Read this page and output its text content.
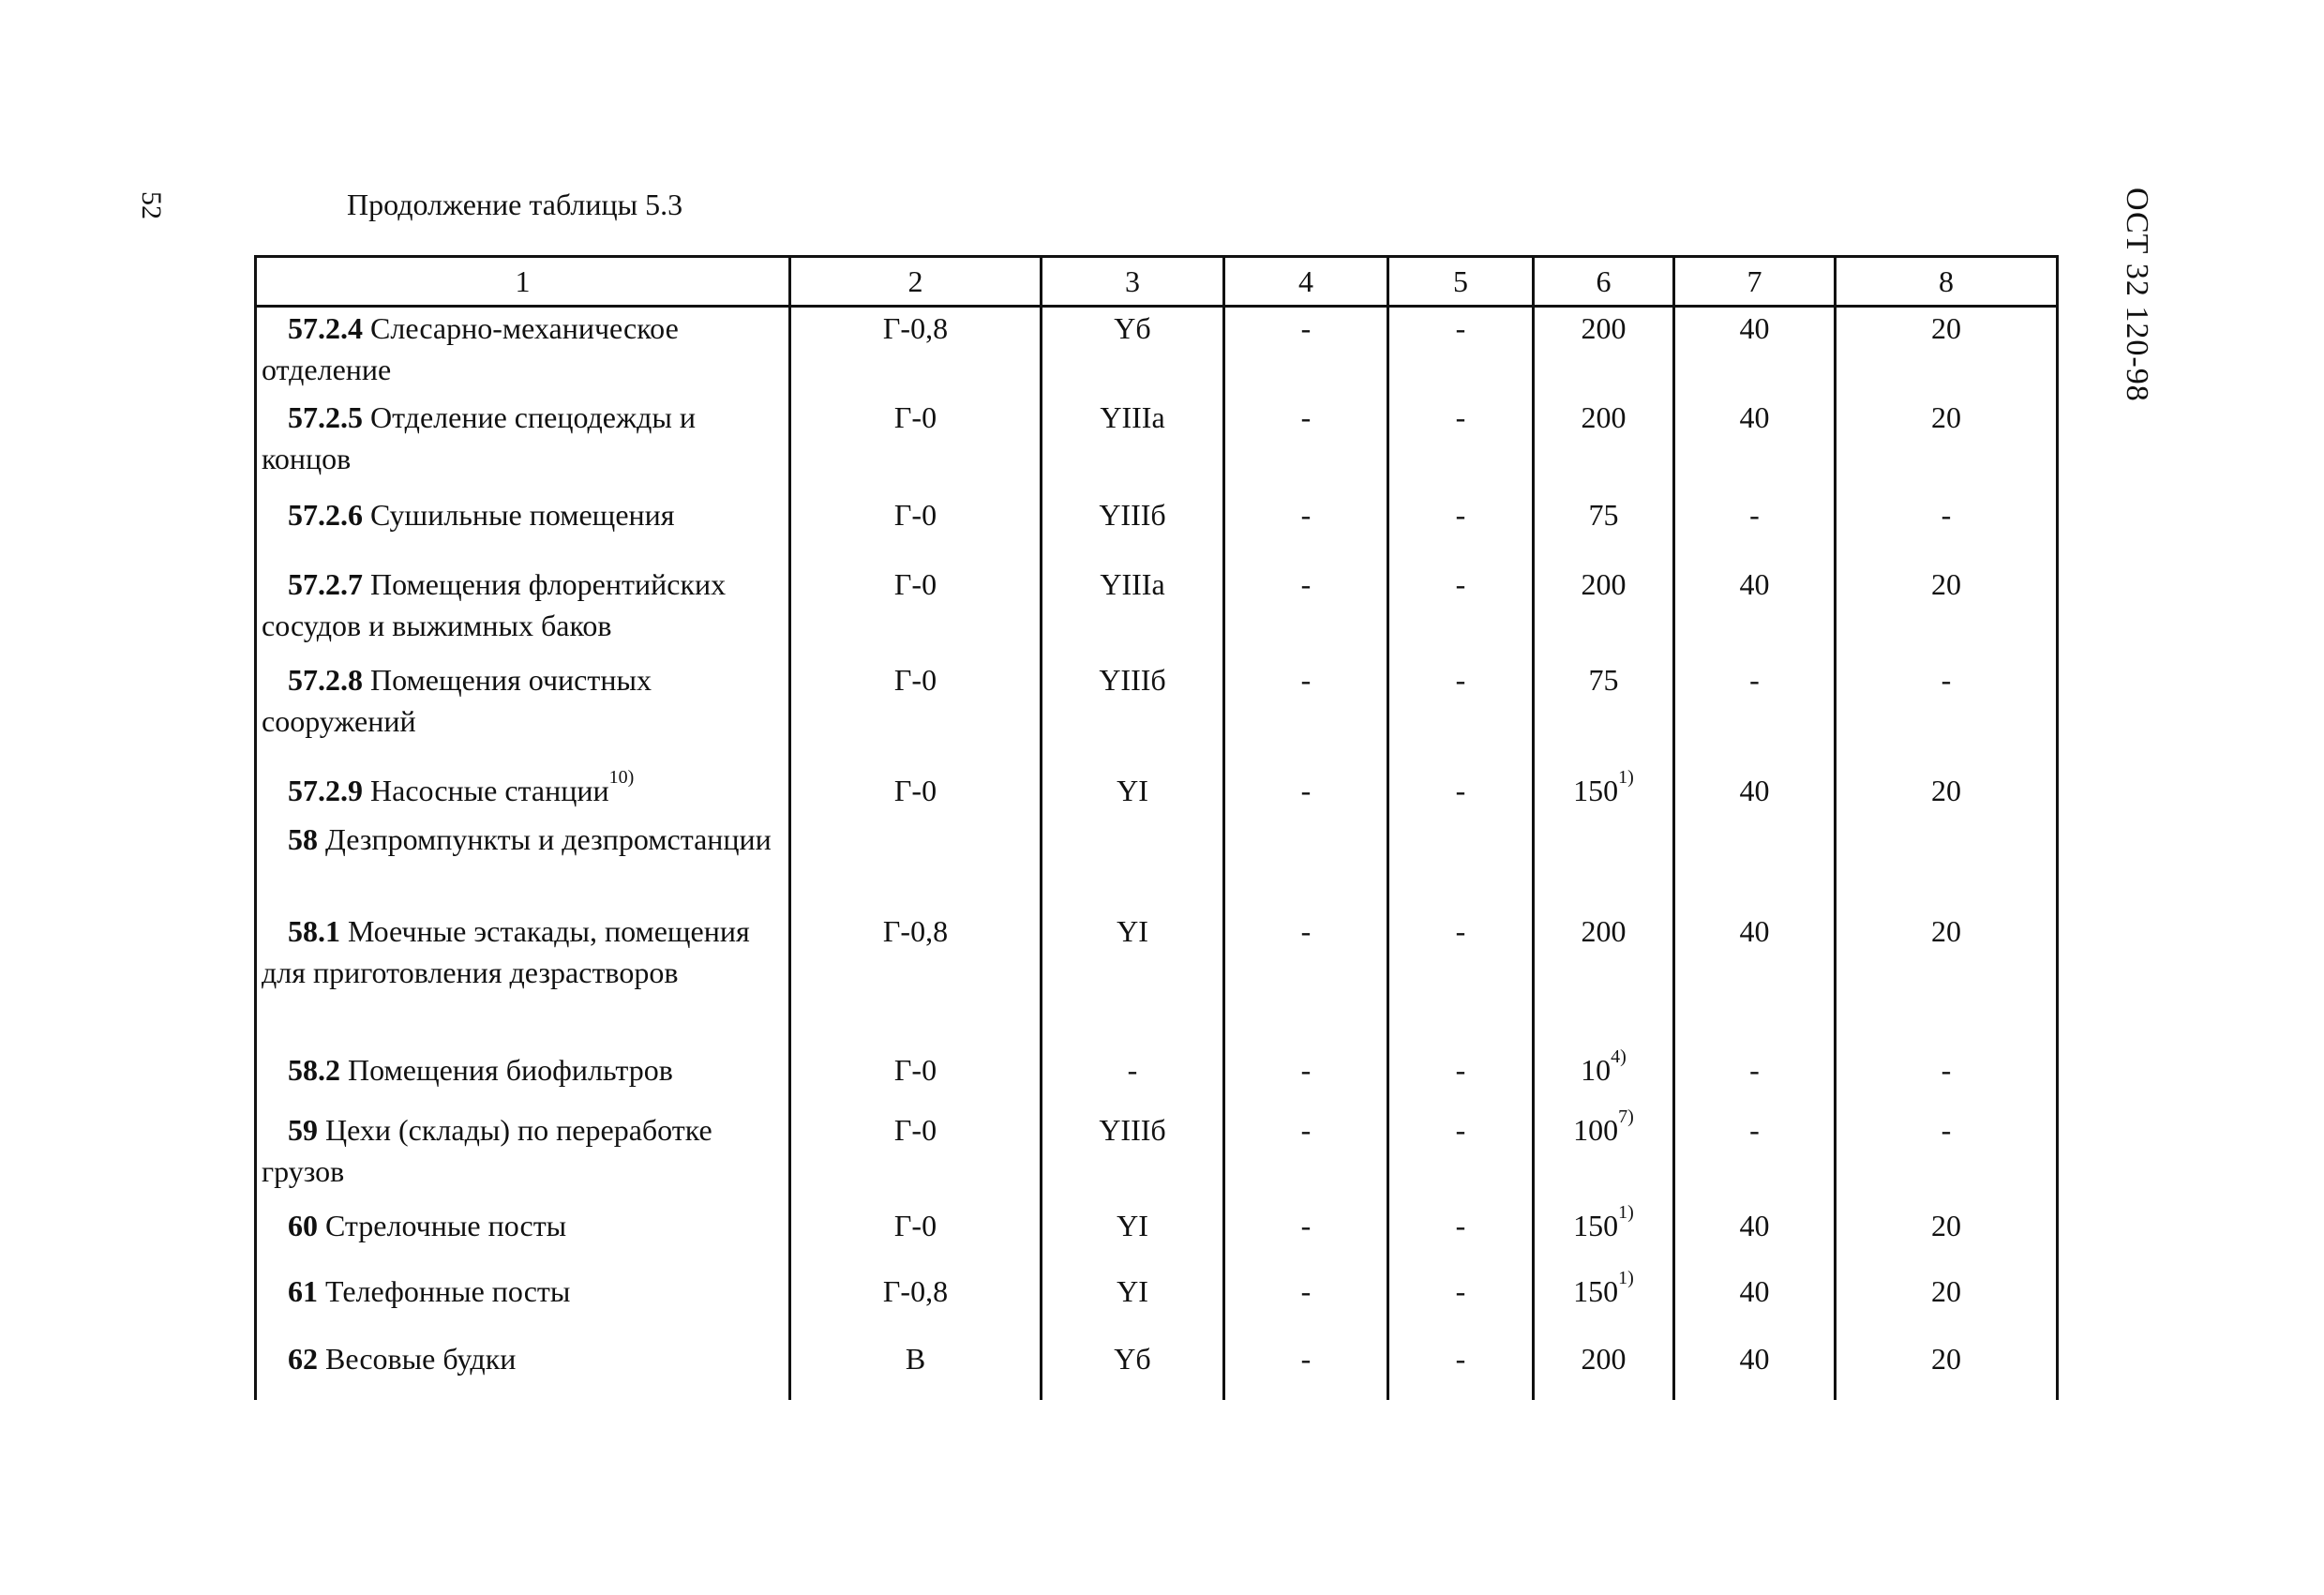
52	ОСТ 32 120-98
Продолжение таблицы 5.3
1	2	3	4	5	6	7	8
57.2.4 Слесарно-механическое отделение	Г-0,8	Yб	-	-	200	40	20
57.2.5 Отделение спецодежды и концов	Г-0	YIIIa	-	-	200	40	20
57.2.6 Сушильные помещения	Г-0	YIIIб	-	-	75	-	-
57.2.7 Помещения флорентийских сосудов и выжимных баков	Г-0	YIIIa	-	-	200	40	20
57.2.8 Помещения очистных сооружений	Г-0	YIIIб	-	-	75	-	-
57.2.9 Насосные станции$^{10)}$	Г-0	YI	-	-	150$^{1)}$	40	20
58 Дезпромпункты и дезпромстанции							
58.1 Моечные эстакады, помещения для приготовления дезрастворов	Г-0,8	YI	-	-	200	40	20
58.2 Помещения биофильтров	Г-0	-	-	-	10$^{4)}$	-	-
59 Цехи (склады) по переработке грузов	Г-0	YIIIб	-	-	100$^{7)}$	-	-
60 Стрелочные посты	Г-0	YI	-	-	150$^{1)}$	40	20
61 Телефонные посты	Г-0,8	YI	-	-	150$^{1)}$	40	20
62 Весовые будки	В	Yб	-	-	200	40	20
